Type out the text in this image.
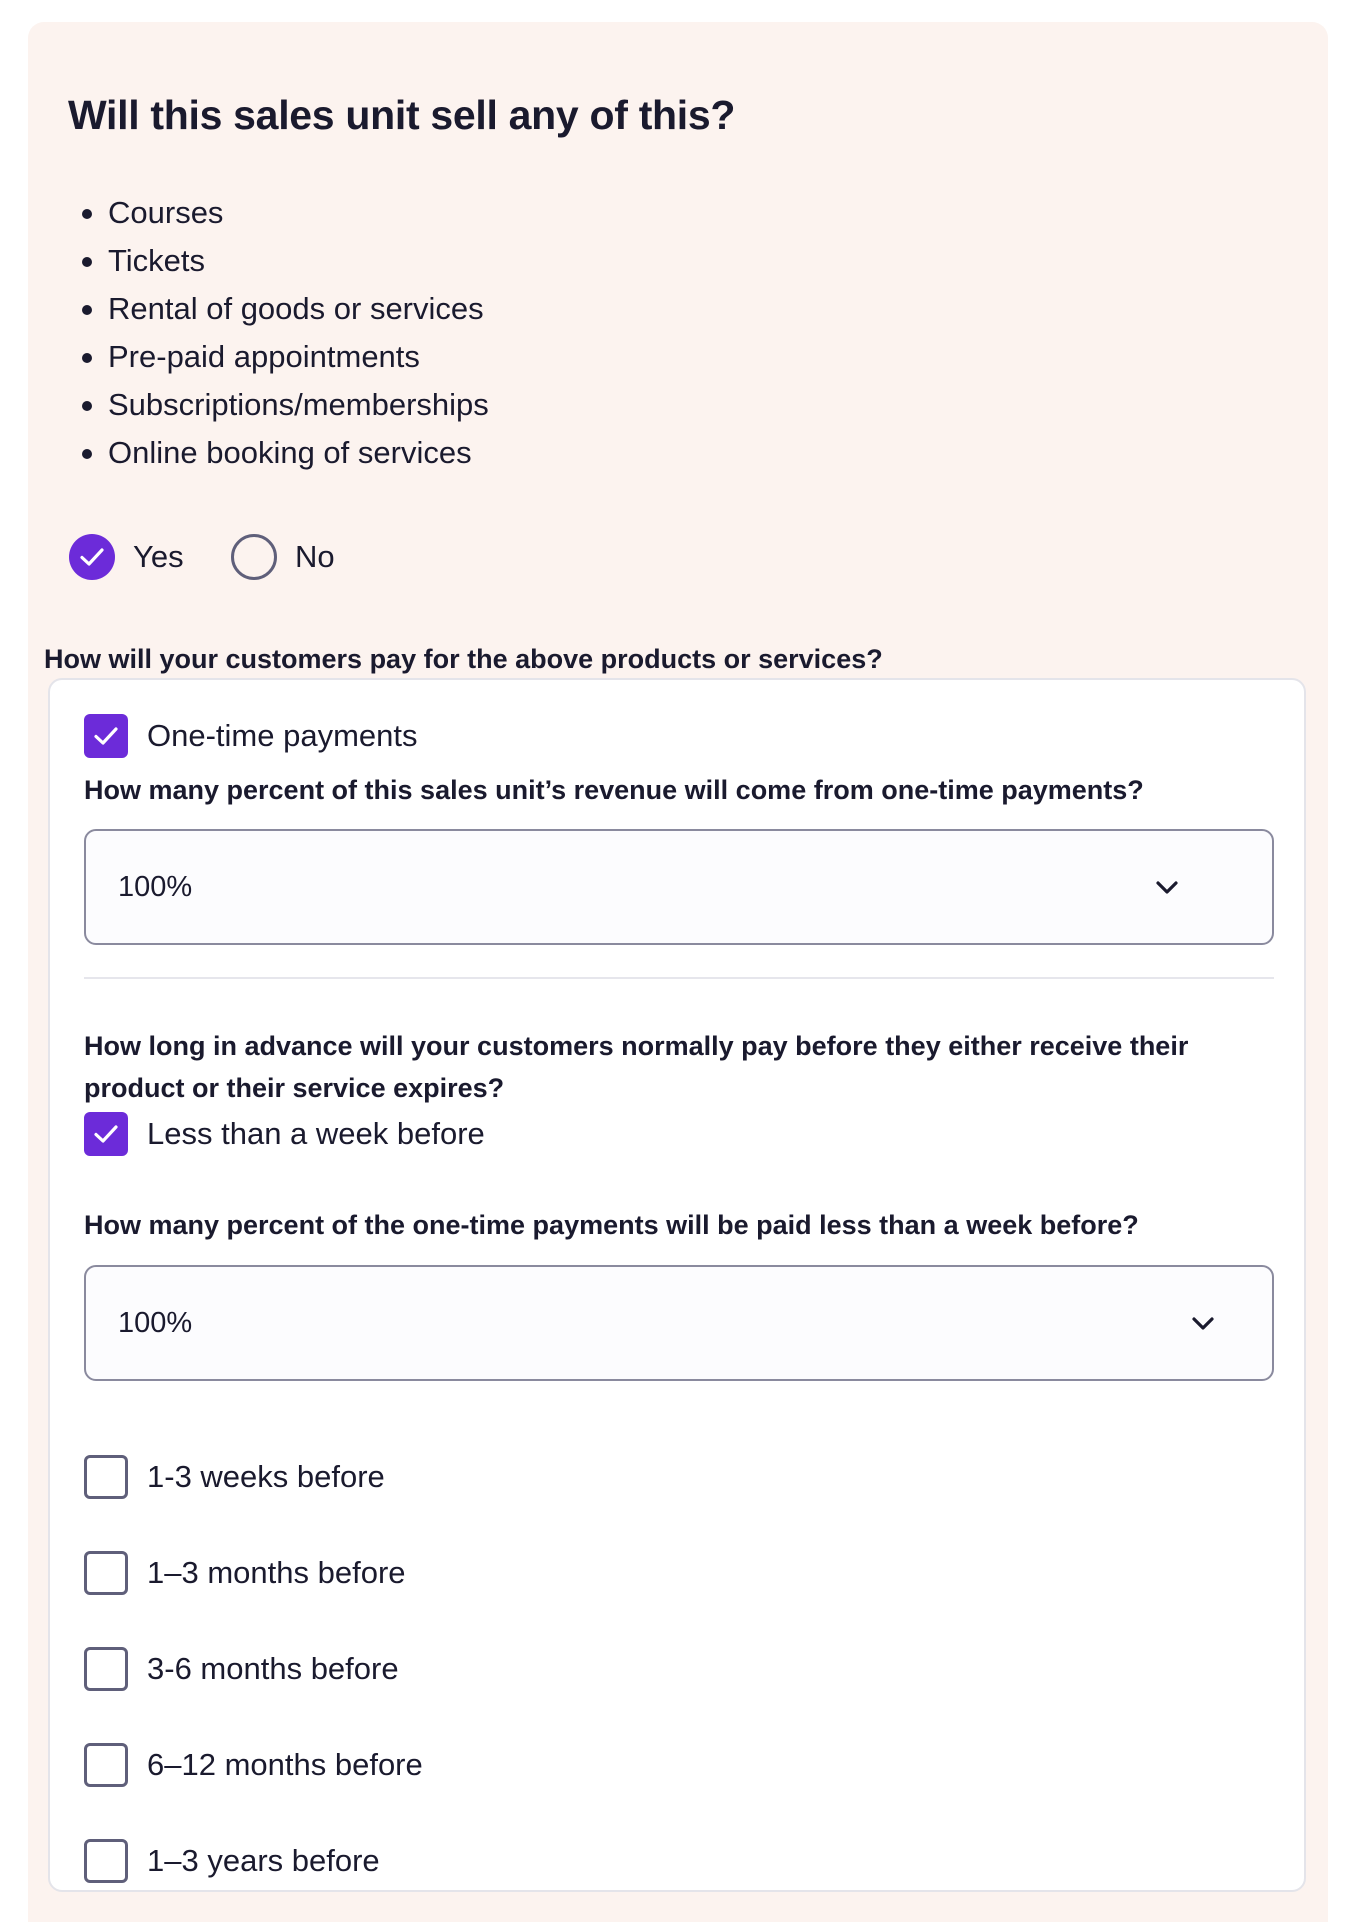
Will this sales unit sell any of this?
Courses
Tickets
Rental of goods or services
Pre-paid appointments
Subscriptions/memberships
Online booking of services
Yes	No

How will your customers pay for the above products or services?

One-time payments

How many percent of this sales unit’s revenue will come from one-time payments?

100%

How long in advance will your customers normally pay before they either receive their product or their service expires?

Less than a week before

How many percent of the one-time payments will be paid less than a week before?

100%
1-3 weeks before
1–3 months before
3-6 months before
6–12 months before
1–3 years before
